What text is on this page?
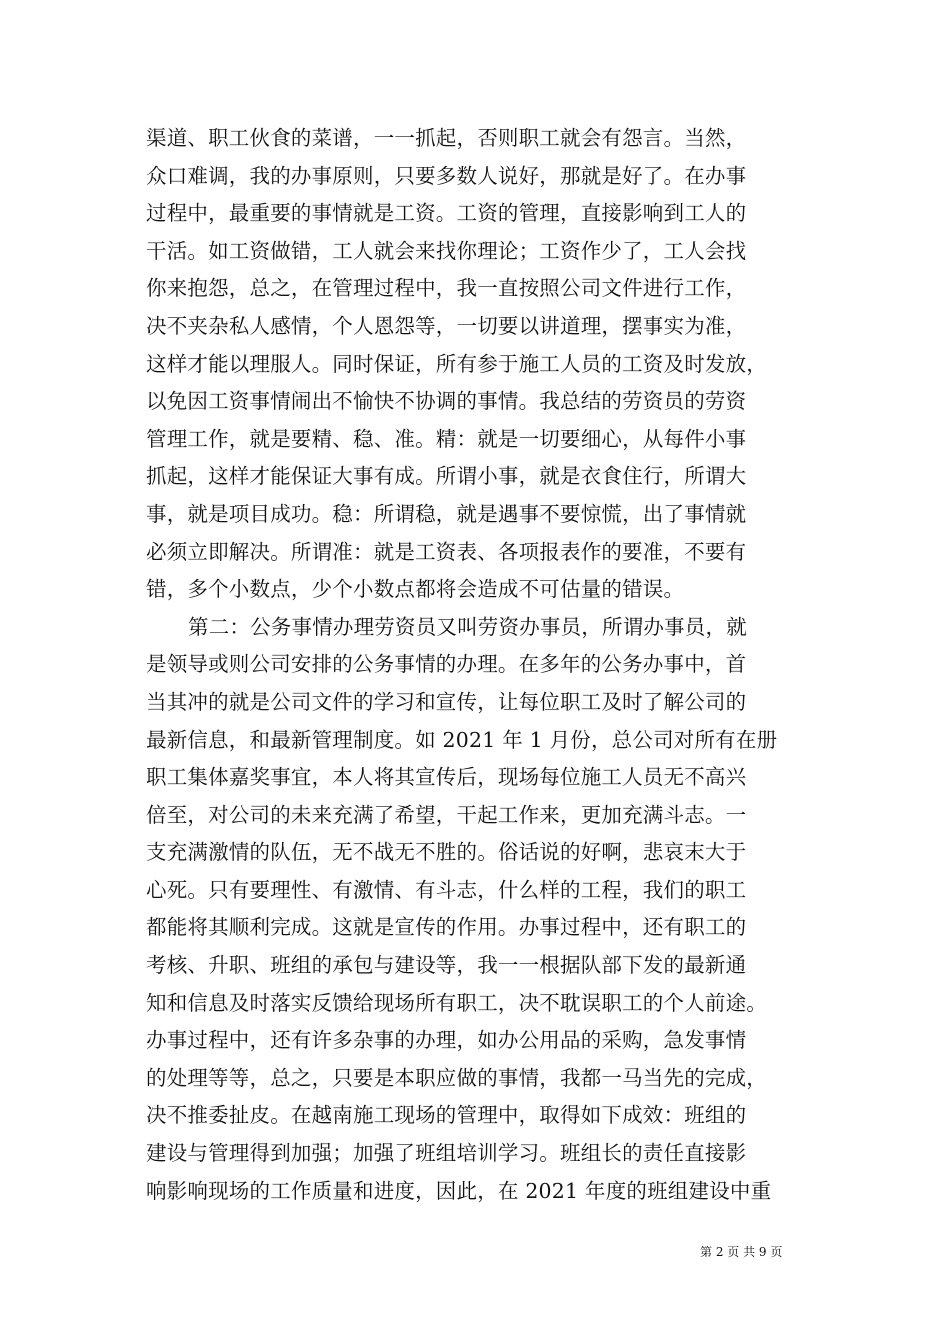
渠道、职工伙食的菜谱，一一抓起，否则职工就会有怨言。当然，
众口难调，我的办事原则，只要多数人说好，那就是好了。在办事
过程中，最重要的事情就是工资。工资的管理，直接影响到工人的
干活。如工资做错，工人就会来找你理论；工资作少了，工人会找
你来抱怨，总之，在管理过程中，我一直按照公司文件进行工作，
决不夹杂私人感情，个人恩怨等，一切要以讲道理，摆事实为准，
这样才能以理服人。同时保证，所有参于施工人员的工资及时发放，
以免因工资事情闹出不愉快不协调的事情。我总结的劳资员的劳资
管理工作，就是要精、稳、准。精：就是一切要细心，从每件小事
抓起，这样才能保证大事有成。所谓小事，就是衣食住行，所谓大
事，就是项目成功。稳：所谓稳，就是遇事不要惊慌，出了事情就
必须立即解决。所谓准：就是工资表、各项报表作的要准，不要有
错，多个小数点，少个小数点都将会造成不可估量的错误。
第二：公务事情办理劳资员又叫劳资办事员，所谓办事员，就
是领导或则公司安排的公务事情的办理。在多年的公务办事中，首
当其冲的就是公司文件的学习和宣传，让每位职工及时了解公司的
最新信息，和最新管理制度。如 2021 年 1 月份，总公司对所有在册
职工集体嘉奖事宜，本人将其宣传后，现场每位施工人员无不高兴
倍至，对公司的未来充满了希望，干起工作来，更加充满斗志。一
支充满激情的队伍，无不战无不胜的。俗话说的好啊，悲哀末大于
心死。只有要理性、有激情、有斗志，什么样的工程，我们的职工
都能将其顺利完成。这就是宣传的作用。办事过程中，还有职工的
考核、升职、班组的承包与建设等，我一一根据队部下发的最新通
知和信息及时落实反馈给现场所有职工，决不耽误职工的个人前途。
办事过程中，还有许多杂事的办理，如办公用品的采购，急发事情
的处理等等，总之，只要是本职应做的事情，我都一马当先的完成，
决不推委扯皮。在越南施工现场的管理中，取得如下成效：班组的
建设与管理得到加强；加强了班组培训学习。班组长的责任直接影
响影响现场的工作质量和进度，因此，在 2021 年度的班组建设中重
第 2 页 共 9 页
